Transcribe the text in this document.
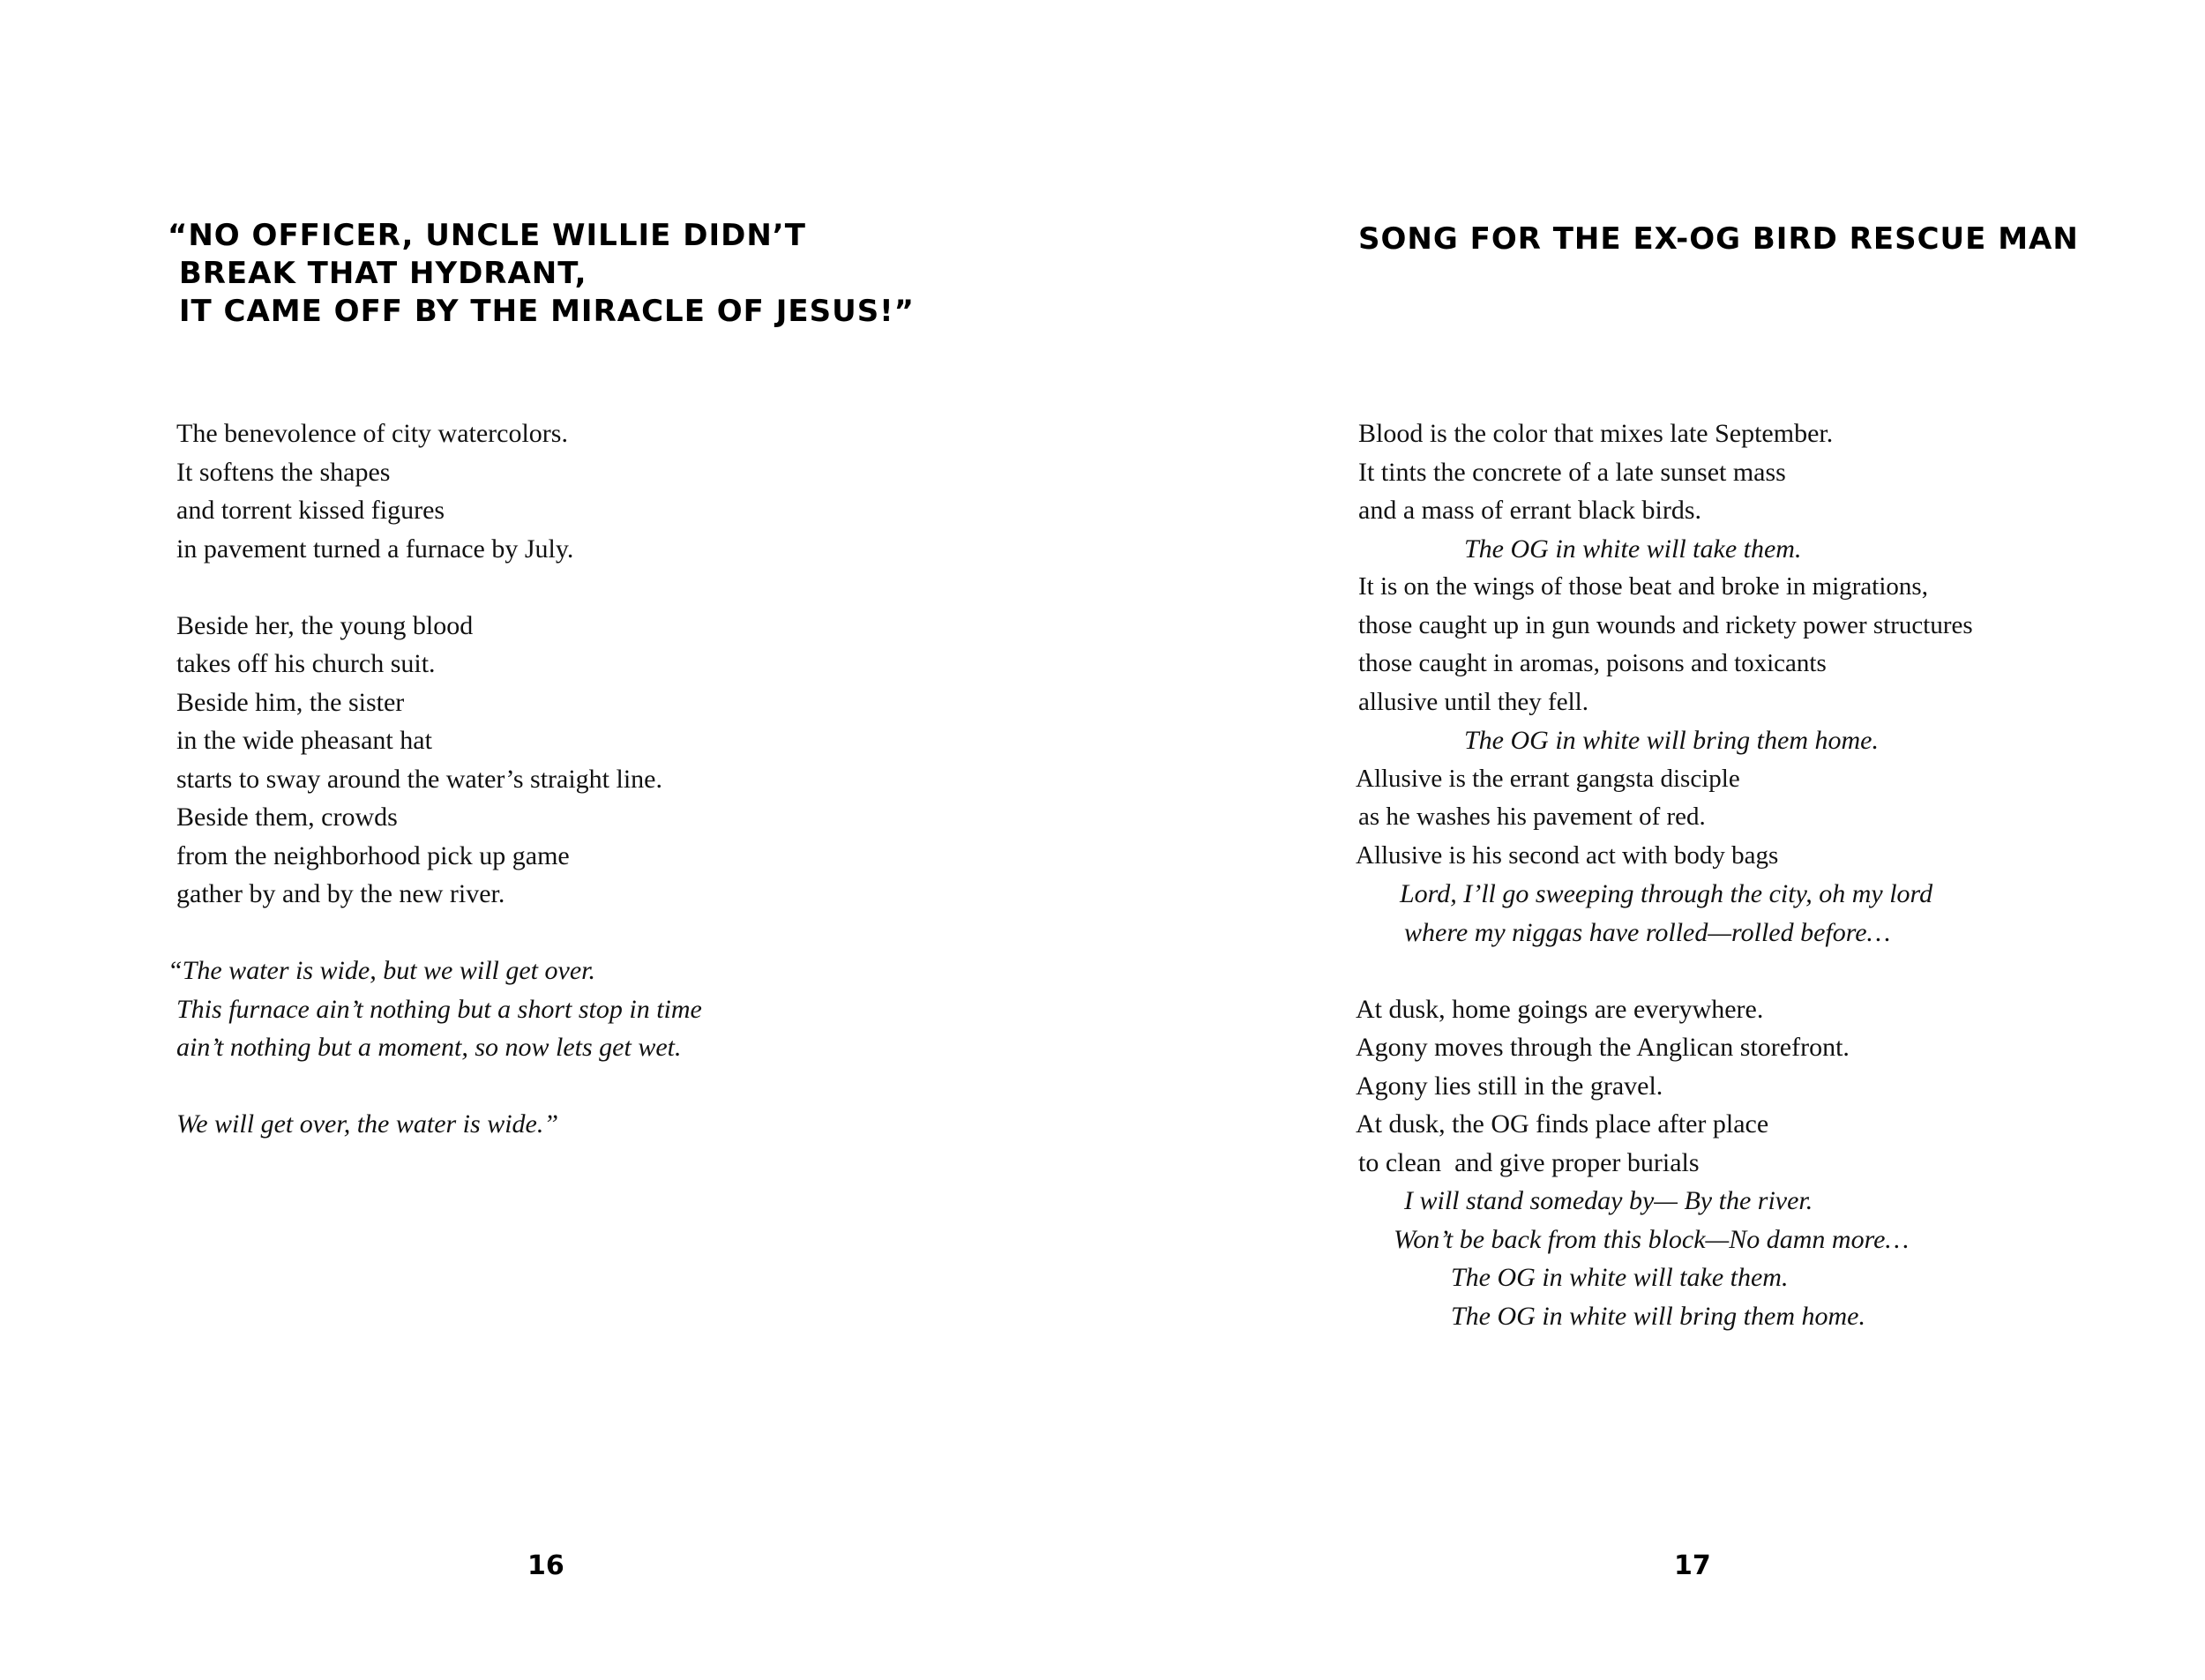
“NO OFFICER, UNCLE WILLIE DIDN’T
BREAK THAT HYDRANT,
IT CAME OFF BY THE MIRACLE OF JESUS!”
The benevolence of city watercolors.
It softens the shapes
and torrent kissed figures
in pavement turned a furnace by July.
Beside her, the young blood
takes off his church suit.
Beside him, the sister
in the wide pheasant hat
starts to sway around the water’s straight line.
Beside them, crowds
from the neighborhood pick up game
gather by and by the new river.
“The water is wide, but we will get over.
This furnace ain’t nothing but a short stop in time
ain’t nothing but a moment, so now lets get wet.
We will get over, the water is wide.”
16
SONG FOR THE EX-OG BIRD RESCUE MAN
Blood is the color that mixes late September.
It tints the concrete of a late sunset mass
and a mass of errant black birds.
The OG in white will take them.
It is on the wings of those beat and broke in migrations,
those caught up in gun wounds and rickety power structures
those caught in aromas, poisons and toxicants
allusive until they fell.
The OG in white will bring them home.
Allusive is the errant gangsta disciple
as he washes his pavement of red.
Allusive is his second act with body bags
Lord, I’ll go sweeping through the city, oh my lord
where my niggas have rolled—rolled before…
At dusk, home goings are everywhere.
Agony moves through the Anglican storefront.
Agony lies still in the gravel.
At dusk, the OG finds place after place
to clean  and give proper burials
I will stand someday by— By the river.
Won’t be back from this block—No damn more…
The OG in white will take them.
The OG in white will bring them home.
17
